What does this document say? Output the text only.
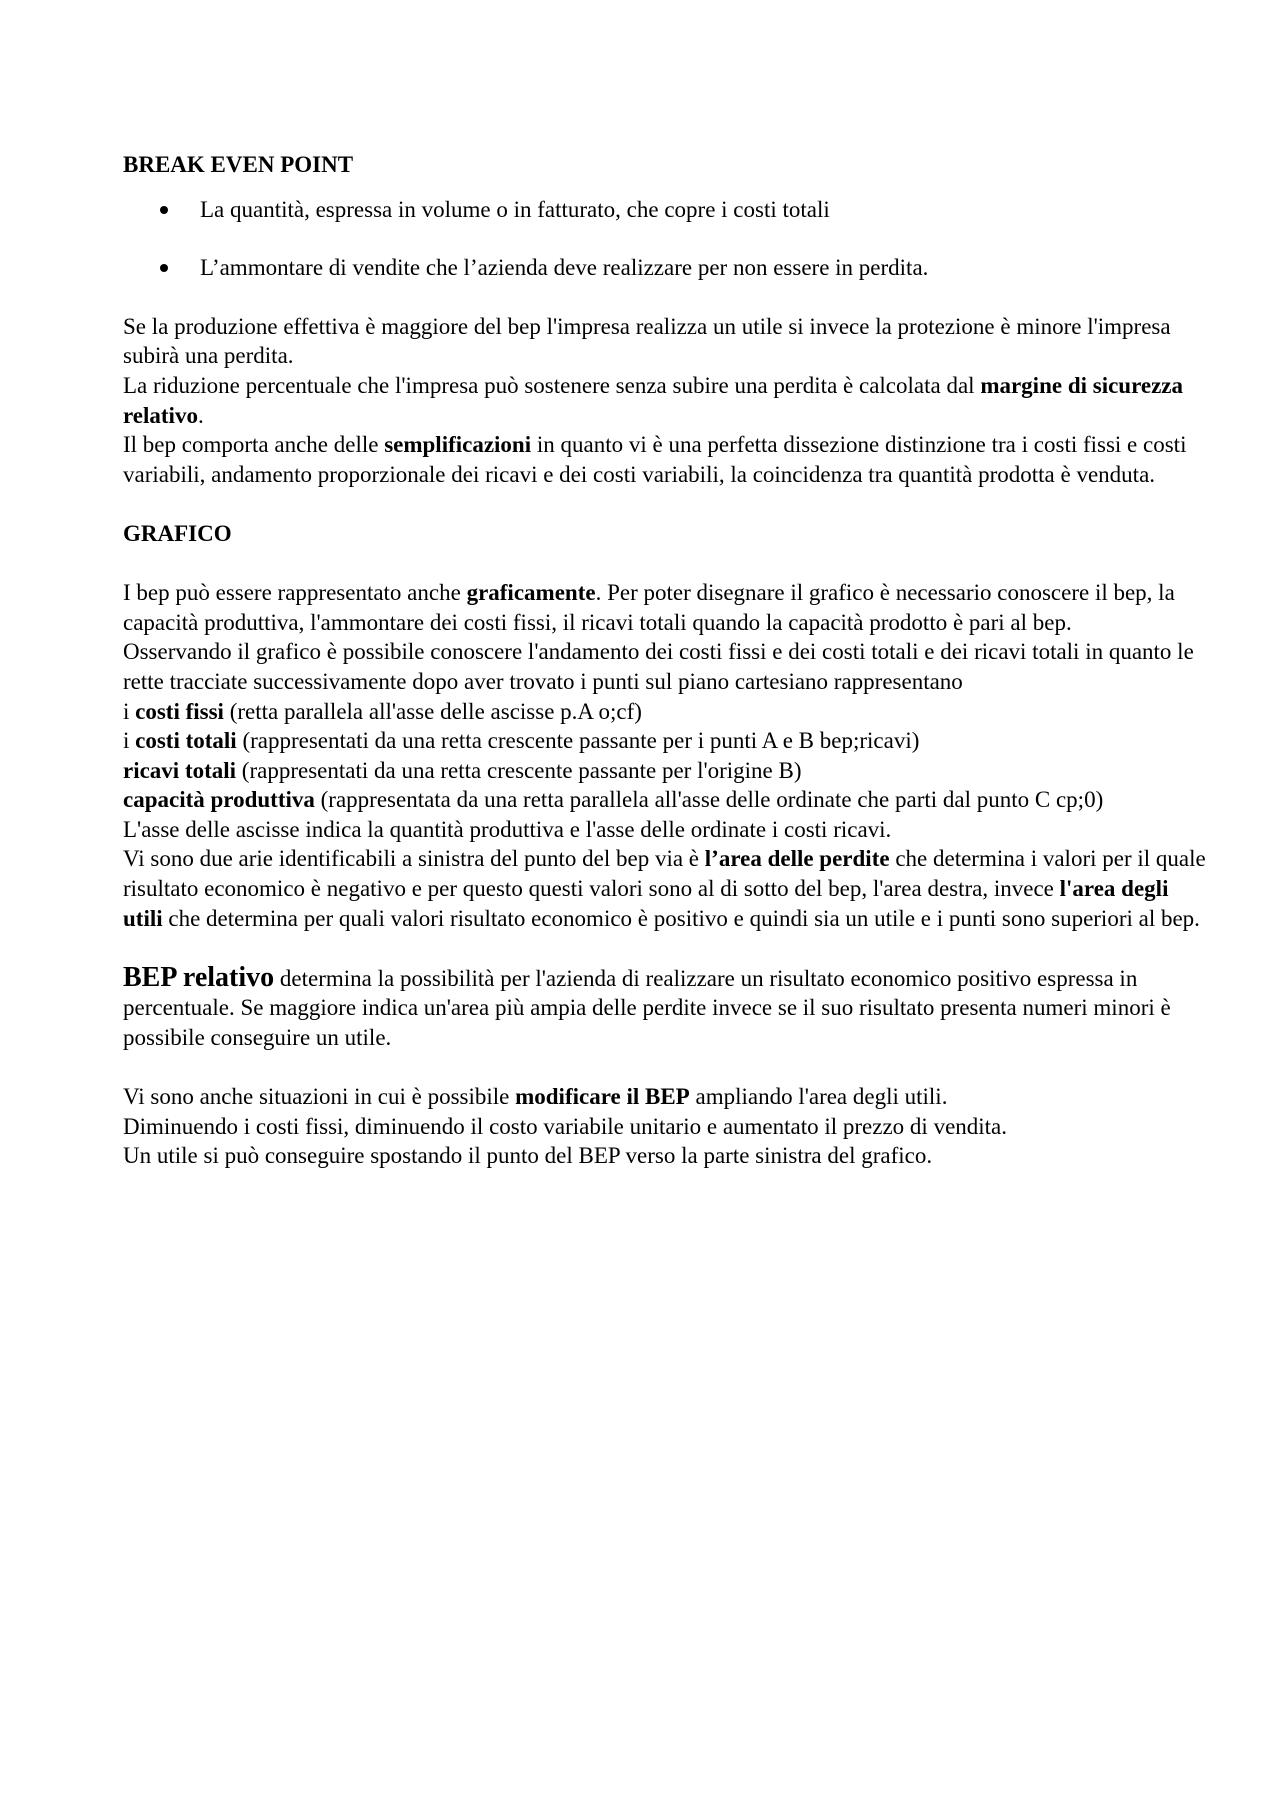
BREAK EVEN POINT

La quantità, espressa in volume o in fatturato, che copre i costi totali
L’ammontare di vendite che l’azienda deve realizzare per non essere in perdita.

Se la produzione effettiva è maggiore del bep l'impresa realizza un utile si invece la protezione è minore l'impresa subirà una perdita.

La riduzione percentuale che l'impresa può sostenere senza subire una perdita è calcolata dal margine di sicurezza relativo.

Il bep comporta anche delle semplificazioni in quanto vi è una perfetta dissezione distinzione tra i costi fissi e costi variabili, andamento proporzionale dei ricavi e dei costi variabili, la coincidenza tra quantità prodotta è venduta.

GRAFICO

I bep può essere rappresentato anche graficamente. Per poter disegnare il grafico è necessario conoscere il bep, la capacità produttiva, l'ammontare dei costi fissi, il ricavi totali quando la capacità prodotto è pari al bep.

Osservando il grafico è possibile conoscere l'andamento dei costi fissi e dei costi totali e dei ricavi totali in quanto le rette tracciate successivamente dopo aver trovato i punti sul piano cartesiano rappresentano

i costi fissi (retta parallela all'asse delle ascisse p.A o;cf)

i costi totali (rappresentati da una retta crescente passante per i punti A e B bep;ricavi)

ricavi totali (rappresentati da una retta crescente passante per l'origine B)

capacità produttiva (rappresentata da una retta parallela all'asse delle ordinate che parti dal punto C cp;0)

L'asse delle ascisse indica la quantità produttiva e l'asse delle ordinate i costi ricavi.

Vi sono due arie identificabili a sinistra del punto del bep via è l’area delle perdite che determina i valori per il quale risultato economico è negativo e per questo questi valori sono al di sotto del bep, l'area destra, invece l'area degli utili che determina per quali valori risultato economico è positivo e quindi sia un utile e i punti sono superiori al bep.

BEP relativo determina la possibilità per l'azienda di realizzare un risultato economico positivo espressa in percentuale. Se maggiore indica un'area più ampia delle perdite invece se il suo risultato presenta numeri minori è possibile conseguire un utile.

Vi sono anche situazioni in cui è possibile modificare il BEP ampliando l'area degli utili.

Diminuendo i costi fissi, diminuendo il costo variabile unitario e aumentato il prezzo di vendita.

Un utile si può conseguire spostando il punto del BEP verso la parte sinistra del grafico.
